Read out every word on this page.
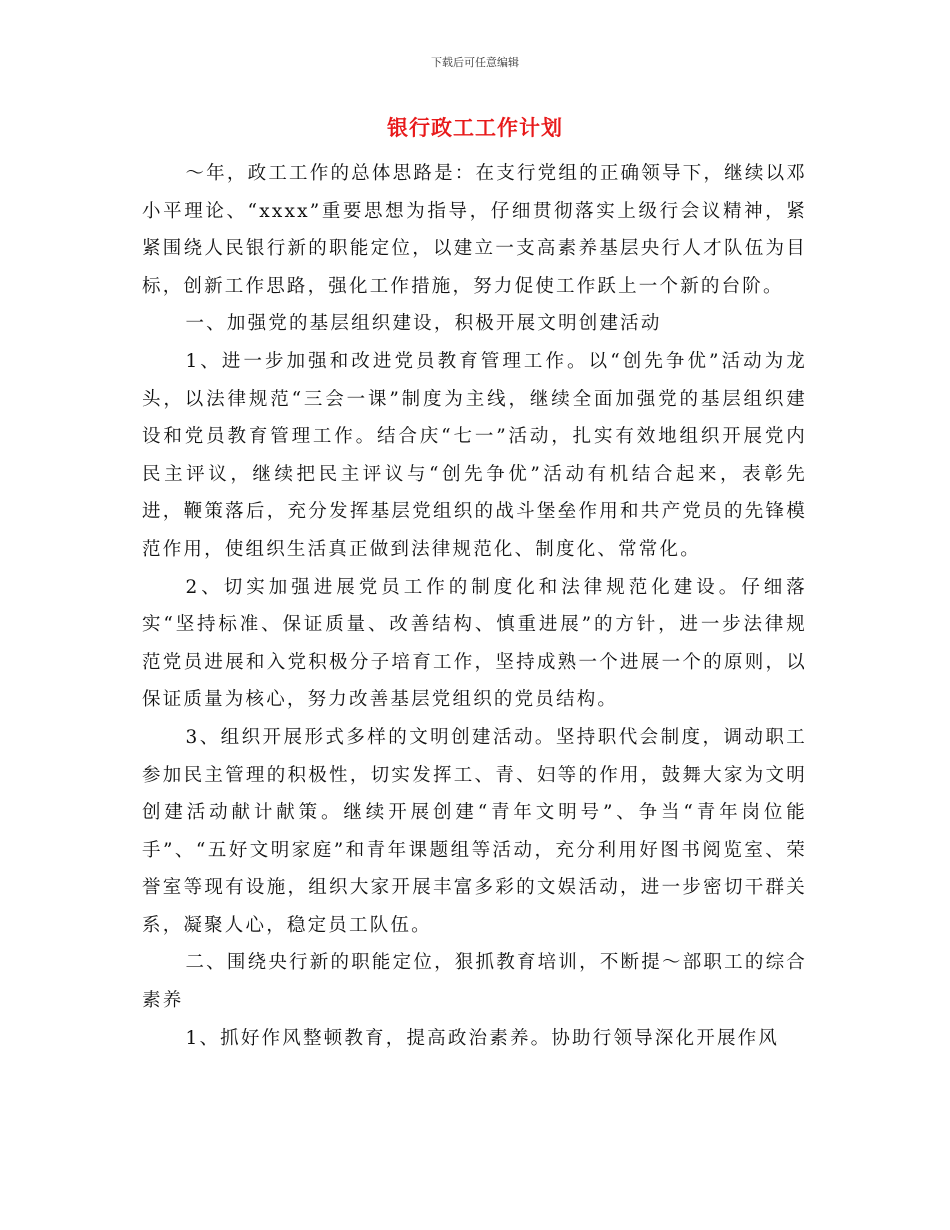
下载后可任意编辑
银行政工工作计划

～年，政工工作的总体思路是：在支行党组的正确领导下，继续以邓小平理论、“xxxx”重要思想为指导，仔细贯彻落实上级行会议精神，紧紧围绕人民银行新的职能定位，以建立一支高素养基层央行人才队伍为目标，创新工作思路，强化工作措施，努力促使工作跃上一个新的台阶。

一、加强党的基层组织建设，积极开展文明创建活动

1、进一步加强和改进党员教育管理工作。以“创先争优”活动为龙头，以法律规范“三会一课”制度为主线，继续全面加强党的基层组织建设和党员教育管理工作。结合庆“七一”活动，扎实有效地组织开展党内民主评议，继续把民主评议与“创先争优”活动有机结合起来，表彰先进，鞭策落后，充分发挥基层党组织的战斗堡垒作用和共产党员的先锋模范作用，使组织生活真正做到法律规范化、制度化、常常化。

2、切实加强进展党员工作的制度化和法律规范化建设。仔细落实“坚持标准、保证质量、改善结构、慎重进展”的方针，进一步法律规范党员进展和入党积极分子培育工作，坚持成熟一个进展一个的原则，以保证质量为核心，努力改善基层党组织的党员结构。

3、组织开展形式多样的文明创建活动。坚持职代会制度，调动职工参加民主管理的积极性，切实发挥工、青、妇等的作用，鼓舞大家为文明创建活动献计献策。继续开展创建“青年文明号”、争当“青年岗位能手”、“五好文明家庭”和青年课题组等活动，充分利用好图书阅览室、荣誉室等现有设施，组织大家开展丰富多彩的文娱活动，进一步密切干群关系，凝聚人心，稳定员工队伍。

二、围绕央行新的职能定位，狠抓教育培训，不断提～部职工的综合素养

1、抓好作风整顿教育，提高政治素养。协助行领导深化开展作风
